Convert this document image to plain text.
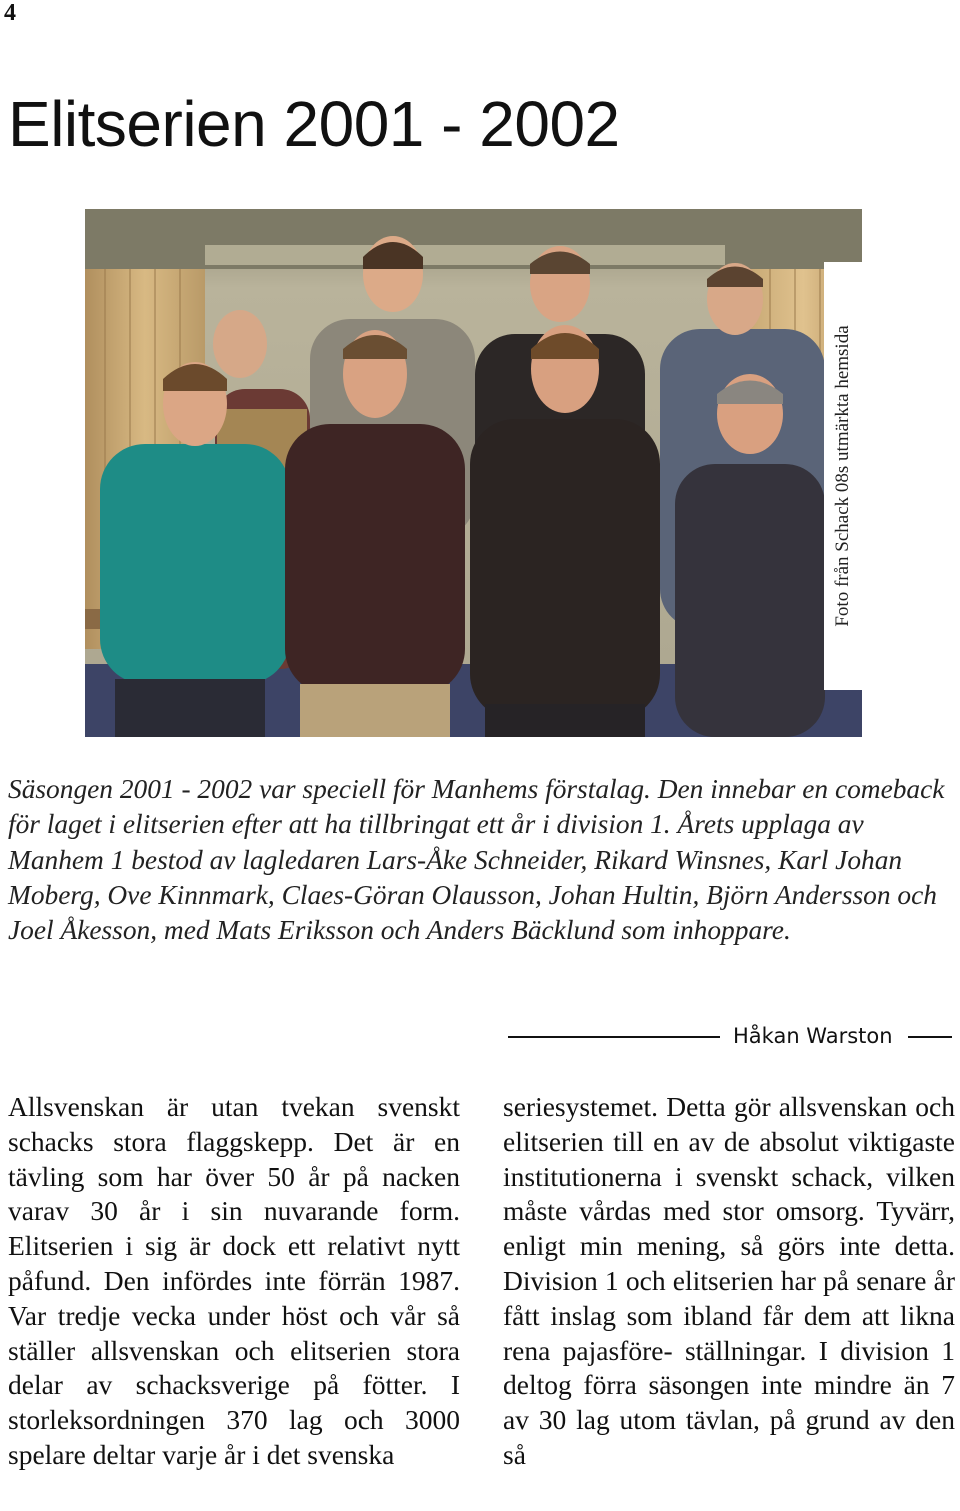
4
Elitserien 2001 - 2002
Foto från Schack 08s utmärkta hemsida

Säsongen 2001 - 2002 var speciell för Manhems förstalag. Den innebar en comeback för laget i elitserien efter att ha tillbringat ett år i division 1. Årets upplaga av Manhem 1 bestod av lagledaren Lars-Åke Schneider, Rikard Winsnes, Karl Johan Moberg, Ove Kinnmark, Claes-Göran Olausson, Johan Hultin, Björn Andersson och Joel Åkesson, med Mats Eriksson och Anders Bäcklund som inhoppare.

Håkan Warston

Allsvenskan är utan tvekan svenskt schacks stora flaggskepp. Det är en tävling som har över 50 år på nacken varav 30 år i sin nuvarande form. Elitserien i sig är dock ett relativt nytt påfund. Den infördes inte förrän 1987. Var tredje vecka under höst och vår så ställer allsvenskan och elitserien stora delar av schacksverige på fötter. I storleksordningen 370 lag och 3000 spelare deltar varje år i det svenska

seriesystemet. Detta gör allsvenskan och elitserien till en av de absolut viktigaste institutionerna i svenskt schack, vilken måste vårdas med stor omsorg. Tyvärr, enligt min mening, så görs inte detta. Division 1 och elitserien har på senare år fått inslag som ibland får dem att likna rena pajasföre- ställningar. I division 1 deltog förra säsongen inte mindre än 7 av 30 lag utom tävlan, på grund av den så
